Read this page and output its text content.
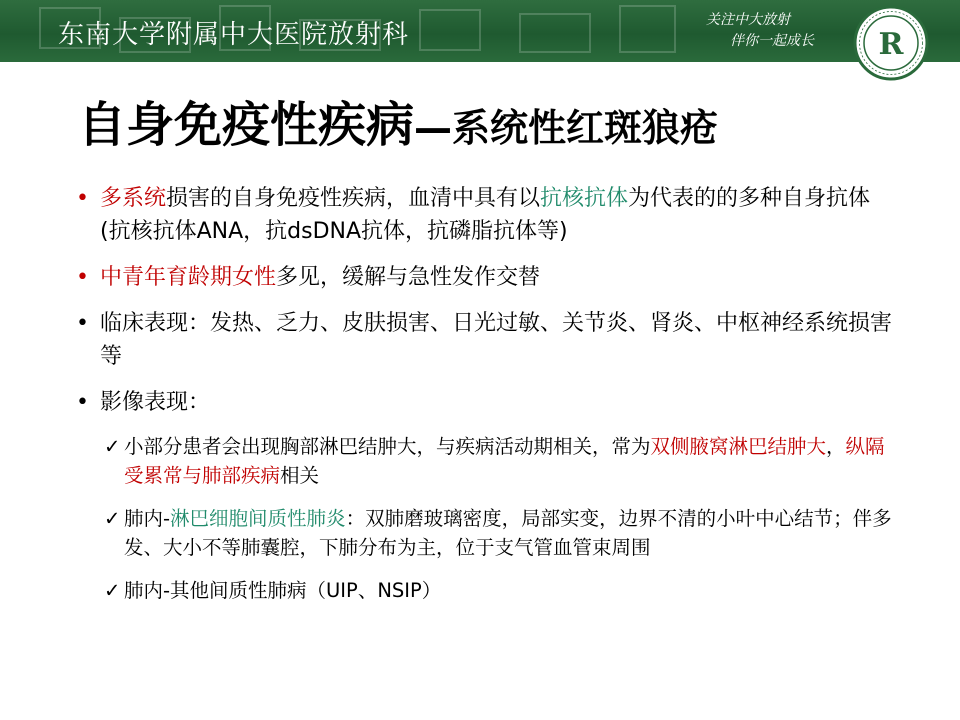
东南大学附属中大医院放射科	关注中大放射
伴你一起成长	R
自身免疫性疾病—系统性红斑狼疮
• 多系统损害的自身免疫性疾病，血清中具有以抗核抗体为代表的的多种自身抗体(抗核抗体ANA，抗dsDNA抗体，抗磷脂抗体等)
• 中青年育龄期女性多见，缓解与急性发作交替
• 临床表现：发热、乏力、皮肤损害、日光过敏、关节炎、肾炎、中枢神经系统损害等
• 影像表现：
✓ 小部分患者会出现胸部淋巴结肿大，与疾病活动期相关，常为双侧腋窝淋巴结肿大，纵隔受累常与肺部疾病相关
✓ 肺内-淋巴细胞间质性肺炎：双肺磨玻璃密度，局部实变，边界不清的小叶中心结节；伴多发、大小不等肺囊腔，下肺分布为主，位于支气管血管束周围
✓ 肺内-其他间质性肺病（UIP、NSIP）
